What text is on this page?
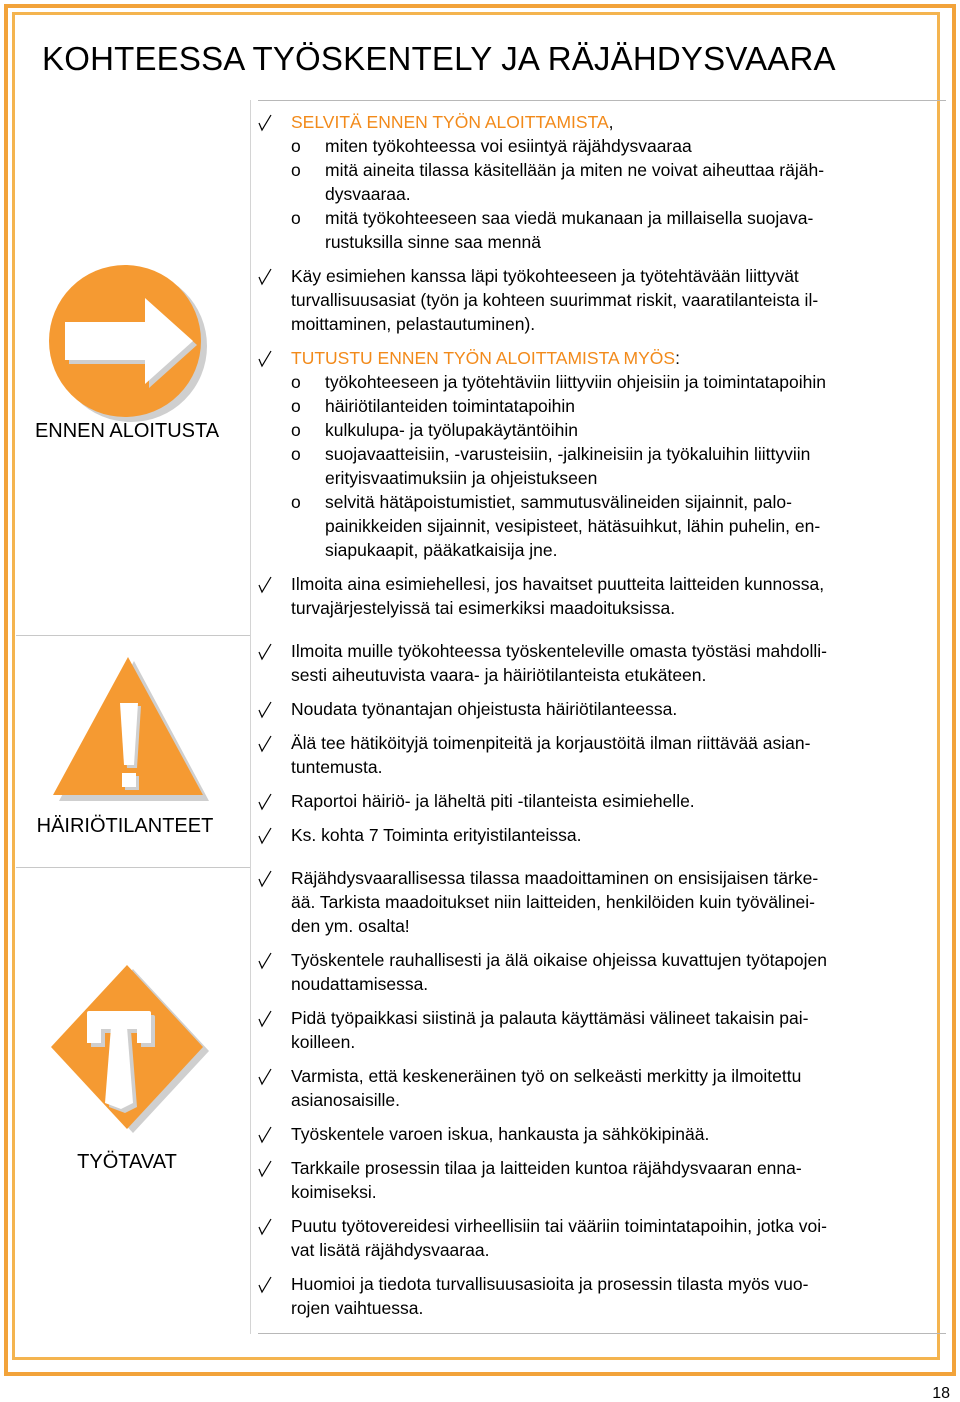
KOHTEESSA TYÖSKENTELY JA RÄJÄHDYSVAARA
ENNEN ALOITUSTA
HÄIRIÖTILANTEET
TYÖTAVAT
SELVITÄ ENNEN TYÖN ALOITTAMISTA,
o miten työkohteessa voi esiintyä räjähdysvaaraa
o mitä aineita tilassa käsitellään ja miten ne voivat aiheuttaa räjäh-
dysvaaraa.
o mitä työkohteeseen saa viedä mukanaan ja millaisella suojava-
rustuksilla sinne saa mennä
Käy esimiehen kanssa läpi työkohteeseen ja työtehtävään liittyvät
turvallisuusasiat (työn ja kohteen suurimmat riskit, vaaratilanteista il-
moittaminen, pelastautuminen).
TUTUSTU ENNEN TYÖN ALOITTAMISTA MYÖS:
o työkohteeseen ja työtehtäviin liittyviin ohjeisiin ja toimintatapoihin
o häiriötilanteiden toimintatapoihin
o kulkulupa- ja työlupakäytäntöihin
o suojavaatteisiin, -varusteisiin, -jalkineisiin ja työkaluihin liittyviin
erityisvaatimuksiin ja ohjeistukseen
o selvitä hätäpoistumistiet, sammutusvälineiden sijainnit, palo-
painikkeiden sijainnit, vesipisteet, hätäsuihkut, lähin puhelin, en-
siapukaapit, pääkatkaisija jne.
Ilmoita aina esimiehellesi, jos havaitset puutteita laitteiden kunnossa,
turvajärjestelyissä tai esimerkiksi maadoituksissa.
Ilmoita muille työkohteessa työskenteleville omasta työstäsi mahdolli-
sesti aiheutuvista vaara- ja häiriötilanteista etukäteen.
Noudata työnantajan ohjeistusta häiriötilanteessa.
Älä tee hätiköityjä toimenpiteitä ja korjaustöitä ilman riittävää asian-
tuntemusta.
Raportoi häiriö- ja läheltä piti -tilanteista esimiehelle.
Ks. kohta 7 Toiminta erityistilanteissa.
Räjähdysvaarallisessa tilassa maadoittaminen on ensisijaisen tärke-
ää. Tarkista maadoitukset niin laitteiden, henkilöiden kuin työvälinei-
den ym. osalta!
Työskentele rauhallisesti ja älä oikaise ohjeissa kuvattujen työtapojen
noudattamisessa.
Pidä työpaikkasi siistinä ja palauta käyttämäsi välineet takaisin pai-
koilleen.
Varmista, että keskeneräinen työ on selkeästi merkitty ja ilmoitettu
asianosaisille.
Työskentele varoen iskua, hankausta ja sähkökipinää.
Tarkkaile prosessin tilaa ja laitteiden kuntoa räjähdysvaaran enna-
koimiseksi.
Puutu työtovereidesi virheellisiin tai vääriin toimintatapoihin, jotka voi-
vat lisätä räjähdysvaaraa.
Huomioi ja tiedota turvallisuusasioita ja prosessin tilasta myös vuo-
rojen vaihtuessa.
18
